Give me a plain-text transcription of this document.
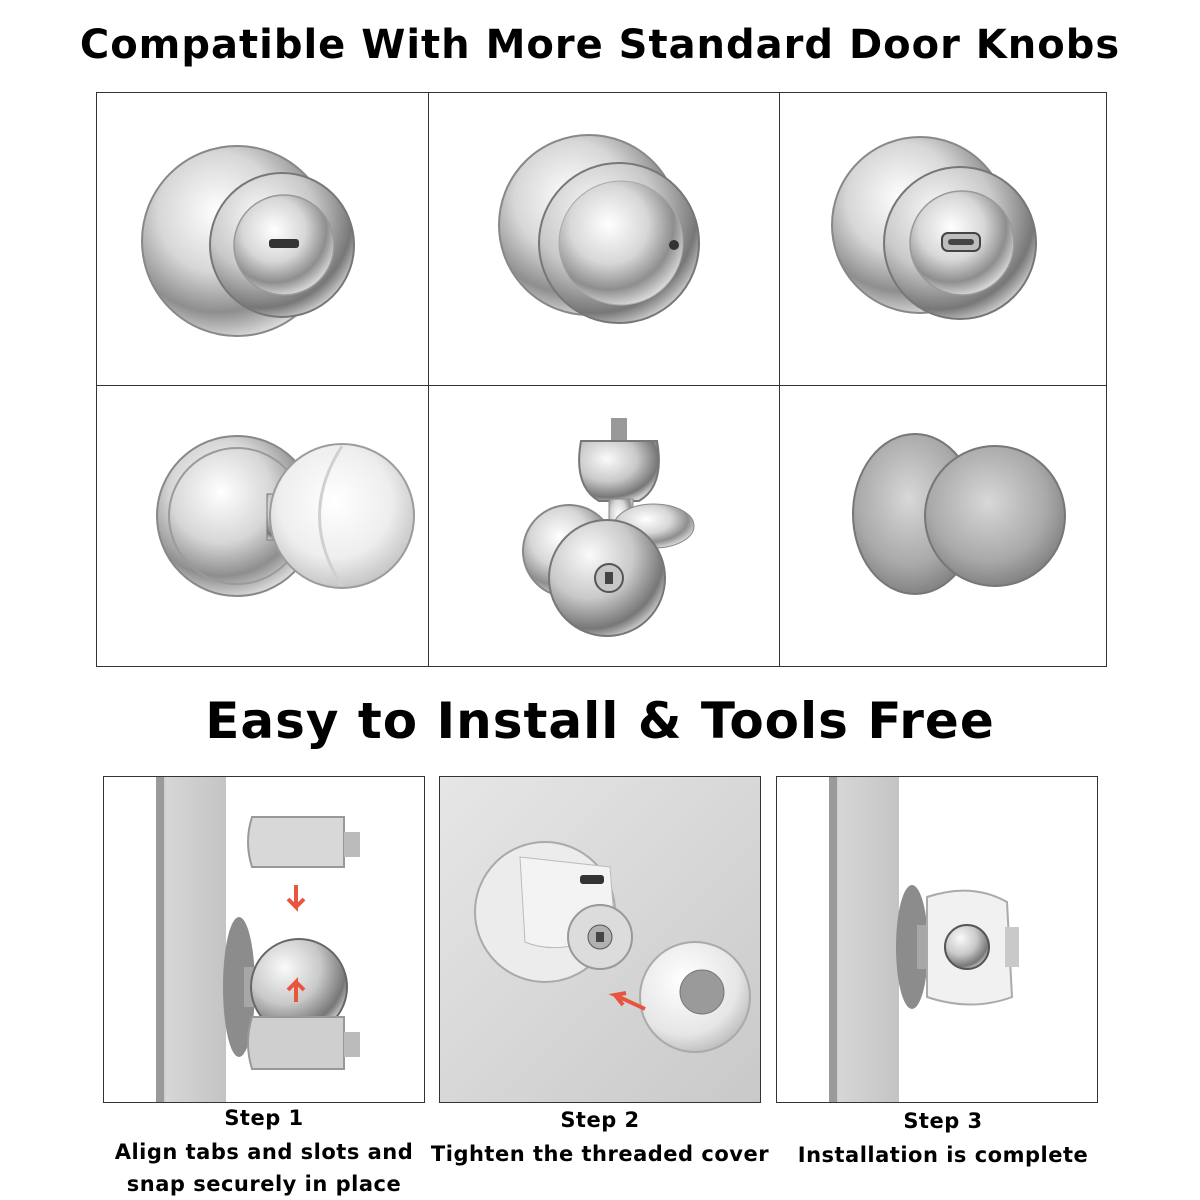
Compatible With More Standard Door Knobs
Easy to Install & Tools Free
Step 1
Align tabs and slots and
snap securely in place
Step 2
Tighten the threaded cover
Step 3
Installation is complete
